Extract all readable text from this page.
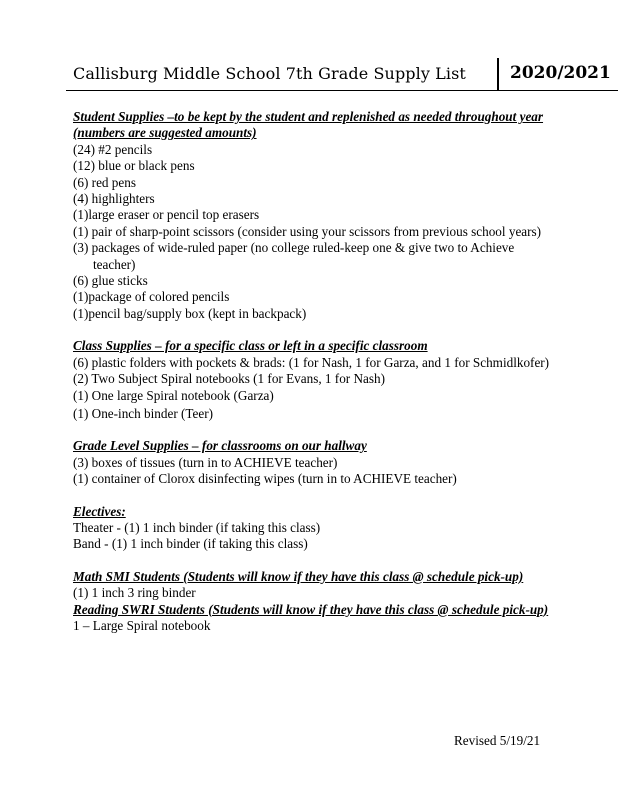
Callisburg Middle School 7th Grade Supply List	2020/2021
Student Supplies –to be kept by the student and replenished as needed throughout year (numbers are suggested amounts)
(24) #2 pencils
(12) blue or black pens
(6) red pens
(4) highlighters
(1)large eraser or pencil top erasers
(1) pair of sharp-point scissors (consider using your scissors from previous school years)
(3) packages of wide-ruled paper (no college ruled-keep one & give two to Achieve teacher)
(6) glue sticks
(1)package of colored pencils
(1)pencil bag/supply box (kept in backpack)
Class Supplies – for a specific class or left in a specific classroom
(6) plastic folders with pockets & brads: (1 for Nash, 1 for Garza, and 1 for Schmidlkofer)
(2) Two Subject Spiral notebooks (1 for Evans, 1 for Nash)
(1) One large Spiral notebook (Garza)
(1) One-inch binder (Teer)
Grade Level Supplies – for classrooms on our hallway
(3) boxes of tissues (turn in to ACHIEVE teacher)
(1) container of Clorox disinfecting wipes (turn in to ACHIEVE teacher)
Electives:
Theater - (1) 1 inch binder (if taking this class)
Band - (1) 1 inch binder (if taking this class)
Math SMI Students (Students will know if they have this class @ schedule pick-up)
(1) 1 inch 3 ring binder
Reading SWRI Students (Students will know if they have this class @ schedule pick-up)
1 – Large Spiral notebook
Revised 5/19/21
